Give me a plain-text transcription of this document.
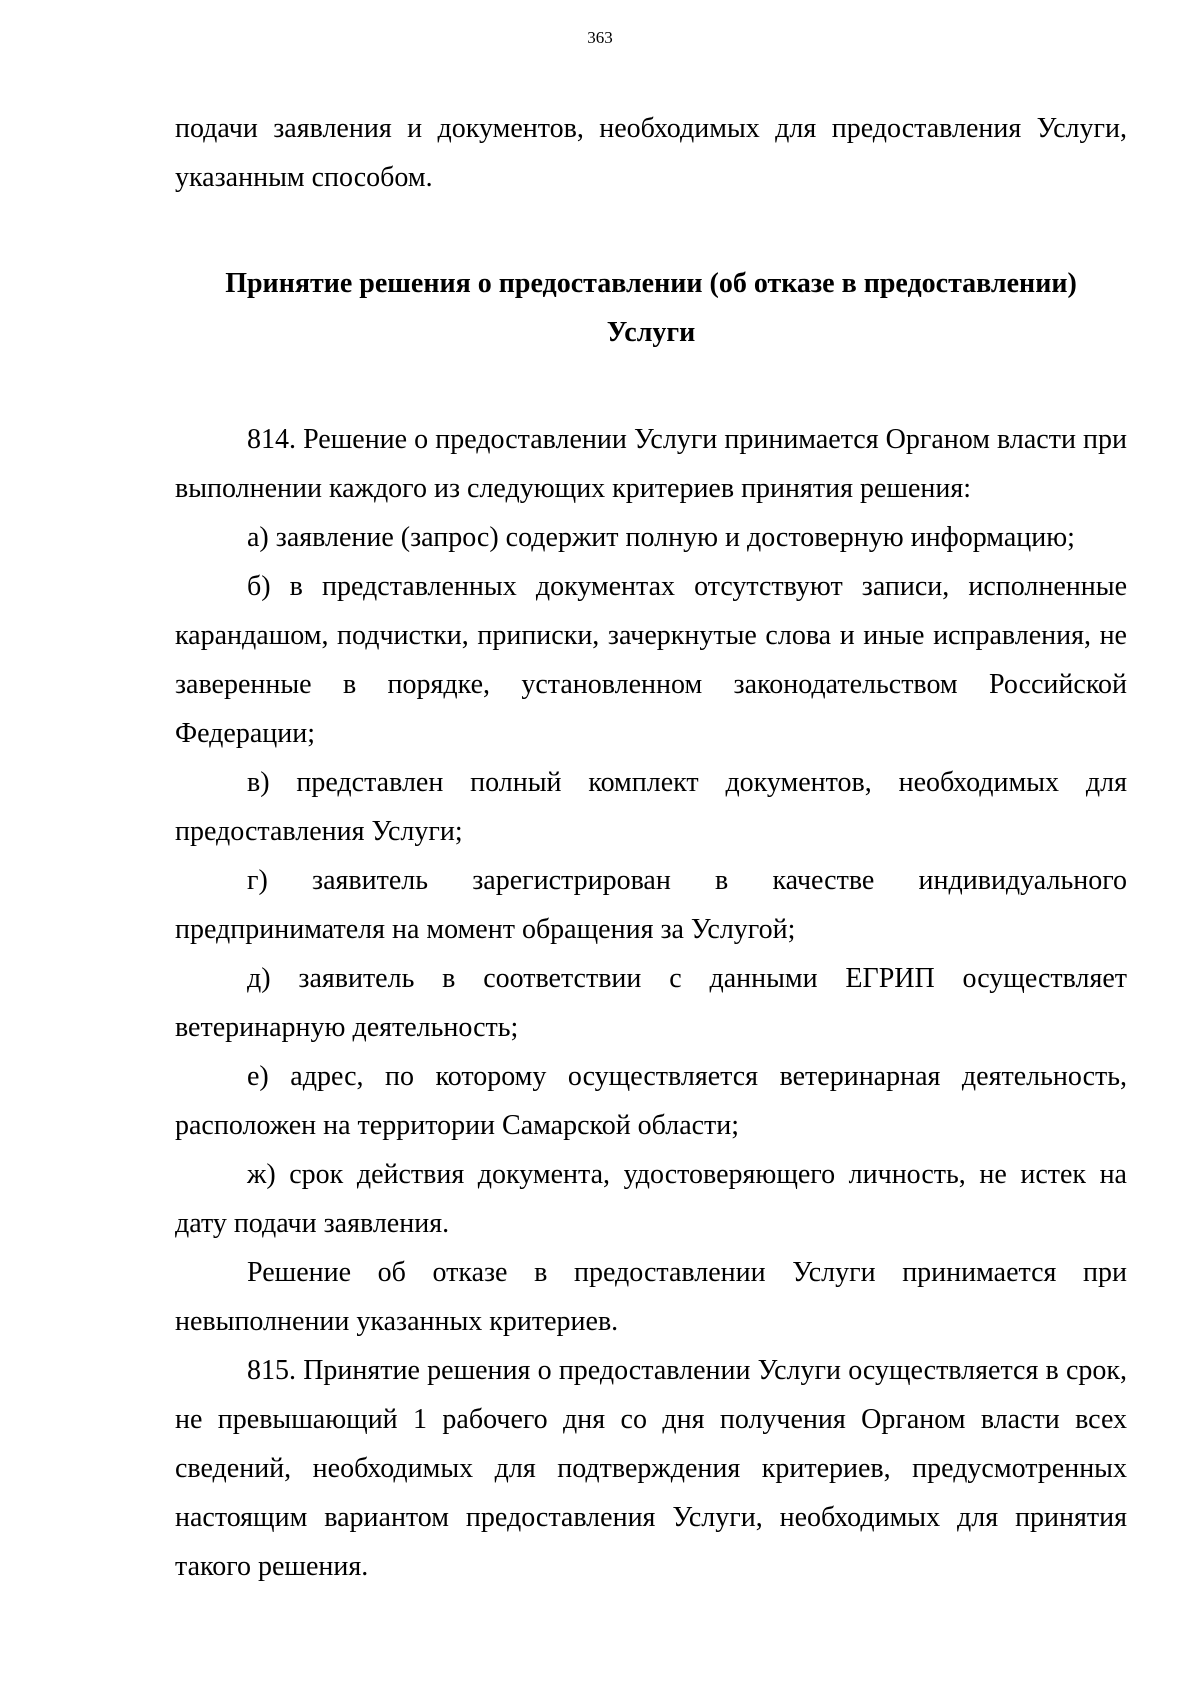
363

подачи заявления и документов, необходимых для предоставления Услуги, указанным способом.

Принятие решения о предоставлении (об отказе в предоставлении)
Услуги

814. Решение о предоставлении Услуги принимается Органом власти при выполнении каждого из следующих критериев принятия решения:

а) заявление (запрос) содержит полную и достоверную информацию;

б) в представленных документах отсутствуют записи, исполненные карандашом, подчистки, приписки, зачеркнутые слова и иные исправления, не заверенные в порядке, установленном законодательством Российской Федерации;

в) представлен полный комплект документов, необходимых для предоставления Услуги;

г) заявитель зарегистрирован в качестве индивидуального предпринимателя на момент обращения за Услугой;

д) заявитель в соответствии с данными ЕГРИП осуществляет ветеринарную деятельность;

е) адрес, по которому осуществляется ветеринарная деятельность, расположен на территории Самарской области;

ж) срок действия документа, удостоверяющего личность, не истек на дату подачи заявления.

Решение об отказе в предоставлении Услуги принимается при невыполнении указанных критериев.

815. Принятие решения о предоставлении Услуги осуществляется в срок, не превышающий 1 рабочего дня со дня получения Органом власти всех сведений, необходимых для подтверждения критериев, предусмотренных настоящим вариантом предоставления Услуги, необходимых для принятия такого решения.
